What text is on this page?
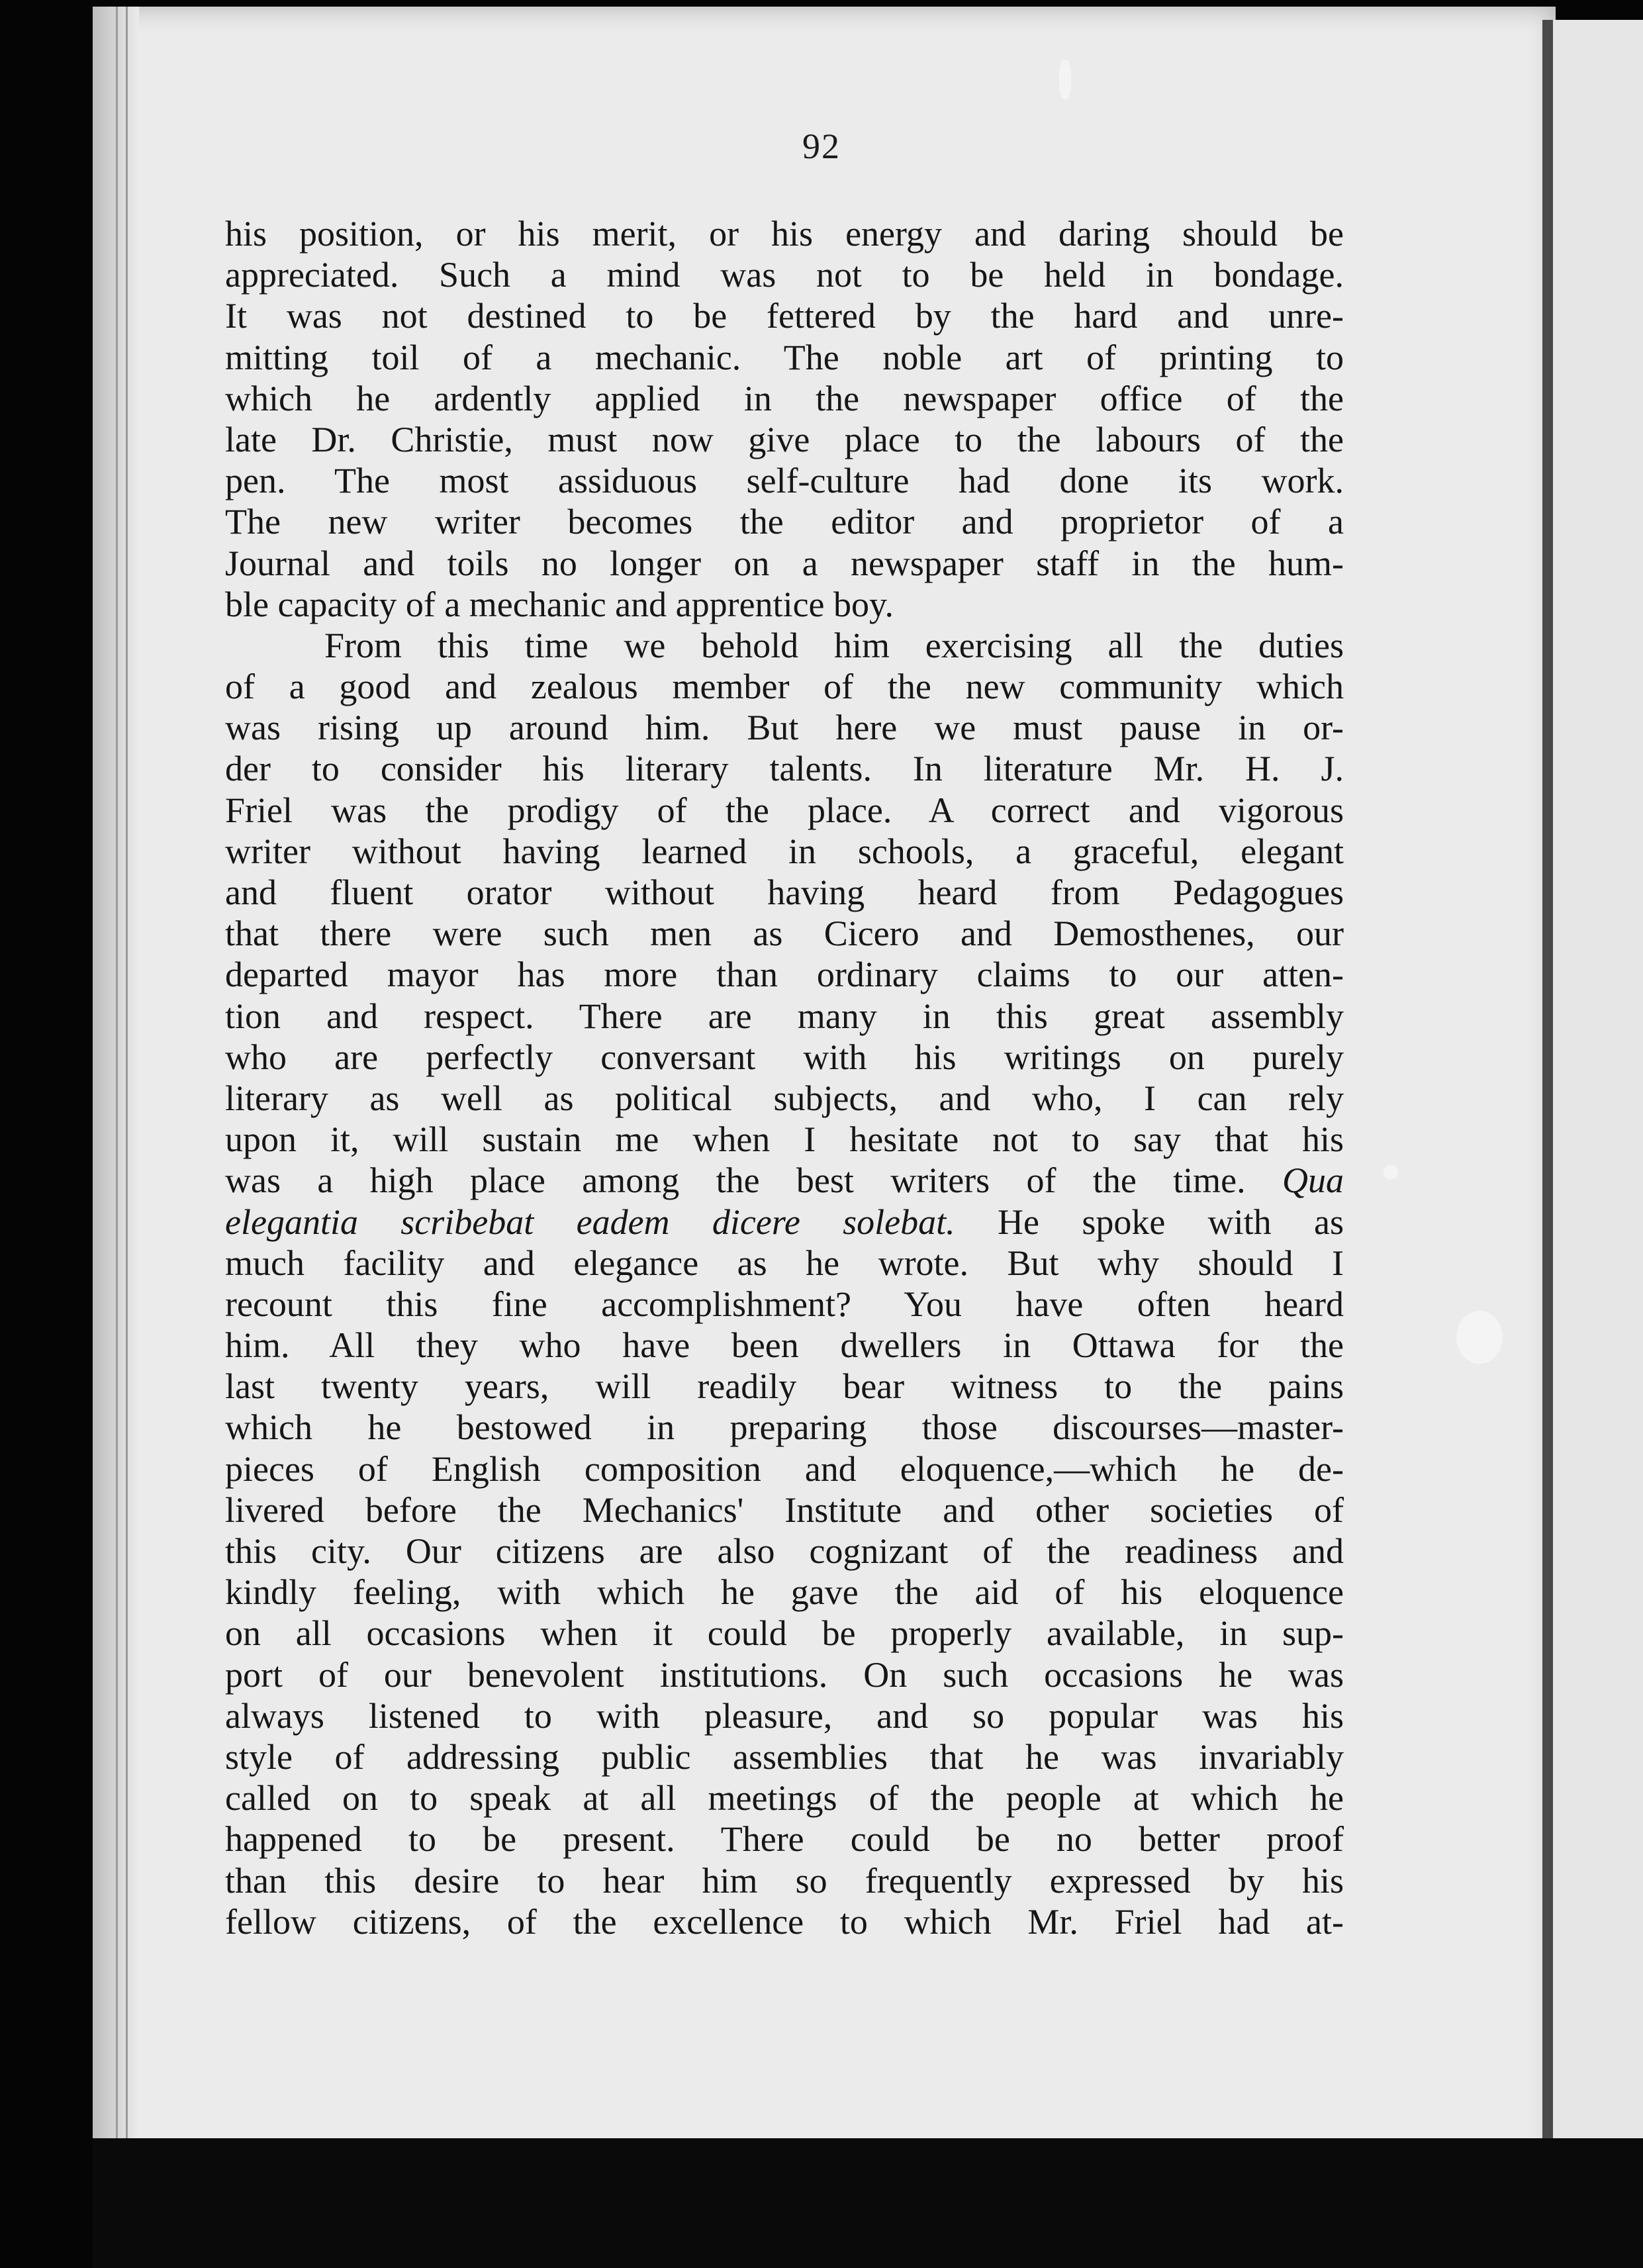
92
his position, or his merit, or his energy and daring should be
appreciated. Such a mind was not to be held in bondage.
It was not destined to be fettered by the hard and unre-
mitting toil of a mechanic. The noble art of printing to
which he ardently applied in the newspaper office of the
late Dr. Christie, must now give place to the labours of the
pen. The most assiduous self-culture had done its work.
The new writer becomes the editor and proprietor of a
Journal and toils no longer on a newspaper staff in the hum-
ble capacity of a mechanic and apprentice boy.
From this time we behold him exercising all the duties
of a good and zealous member of the new community which
was rising up around him. But here we must pause in or-
der to consider his literary talents. In literature Mr. H. J.
Friel was the prodigy of the place. A correct and vigorous
writer without having learned in schools, a graceful, elegant
and fluent orator without having heard from Pedagogues
that there were such men as Cicero and Demosthenes, our
departed mayor has more than ordinary claims to our atten-
tion and respect. There are many in this great assembly
who are perfectly conversant with his writings on purely
literary as well as political subjects, and who, I can rely
upon it, will sustain me when I hesitate not to say that his
was a high place among the best writers of the time. Qua
elegantia scribebat eadem dicere solebat. He spoke with as
much facility and elegance as he wrote. But why should I
recount this fine accomplishment? You have often heard
him. All they who have been dwellers in Ottawa for the
last twenty years, will readily bear witness to the pains
which he bestowed in preparing those discourses—master-
pieces of English composition and eloquence,—which he de-
livered before the Mechanics' Institute and other societies of
this city. Our citizens are also cognizant of the readiness and
kindly feeling, with which he gave the aid of his eloquence
on all occasions when it could be properly available, in sup-
port of our benevolent institutions. On such occasions he was
always listened to with pleasure, and so popular was his
style of addressing public assemblies that he was invariably
called on to speak at all meetings of the people at which he
happened to be present. There could be no better proof
than this desire to hear him so frequently expressed by his
fellow citizens, of the excellence to which Mr. Friel had at-
